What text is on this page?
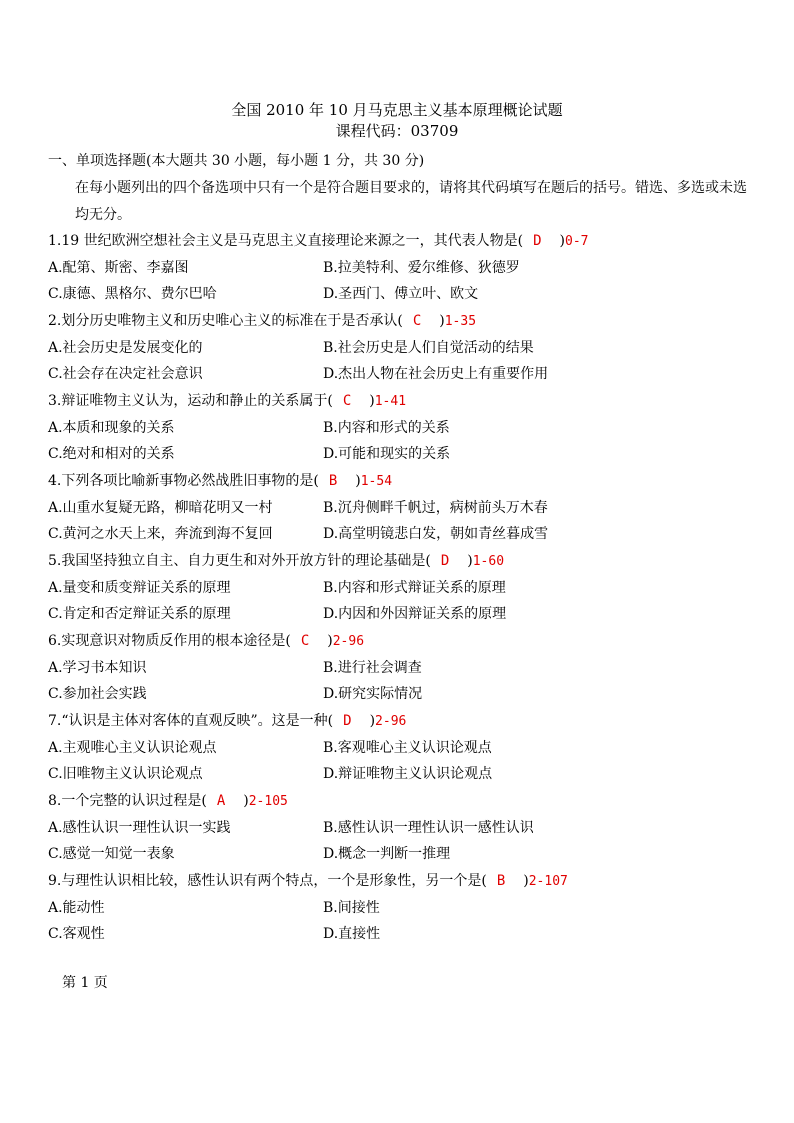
全国 2010 年 10 月马克思主义基本原理概论试题
课程代码：03709
一、单项选择题(本大题共 30 小题，每小题 1 分，共 30 分)
在每小题列出的四个备选项中只有一个是符合题目要求的，请将其代码填写在题后的括号。错选、多选或未选均无分。
1.19 世纪欧洲空想社会主义是马克思主义直接理论来源之一，其代表人物是( D )0-7
A.配第、斯密、李嘉图	B.拉美特利、爱尔维修、狄德罗
C.康德、黑格尔、费尔巴哈	D.圣西门、傅立叶、欧文
2.划分历史唯物主义和历史唯心主义的标准在于是否承认( C )1-35
A.社会历史是发展变化的	B.社会历史是人们自觉活动的结果
C.社会存在决定社会意识	D.杰出人物在社会历史上有重要作用
3.辩证唯物主义认为，运动和静止的关系属于( C )1-41
A.本质和现象的关系	B.内容和形式的关系
C.绝对和相对的关系	D.可能和现实的关系
4.下列各项比喻新事物必然战胜旧事物的是( B )1-54
A.山重水复疑无路，柳暗花明又一村	B.沉舟侧畔千帆过，病树前头万木春
C.黄河之水天上来，奔流到海不复回	D.高堂明镜悲白发，朝如青丝暮成雪
5.我国坚持独立自主、自力更生和对外开放方针的理论基础是( D )1-60
A.量变和质变辩证关系的原理	B.内容和形式辩证关系的原理
C.肯定和否定辩证关系的原理	D.内因和外因辩证关系的原理
6.实现意识对物质反作用的根本途径是( C )2-96
A.学习书本知识	B.进行社会调查
C.参加社会实践	D.研究实际情况
7.“认识是主体对客体的直观反映”。这是一种( D )2-96
A.主观唯心主义认识论观点	B.客观唯心主义认识论观点
C.旧唯物主义认识论观点	D.辩证唯物主义认识论观点
8.一个完整的认识过程是( A )2-105
A.感性认识一理性认识一实践	B.感性认识一理性认识一感性认识
C.感觉一知觉一表象	D.概念一判断一推理
9.与理性认识相比较，感性认识有两个特点，一个是形象性，另一个是( B )2-107
A.能动性	B.间接性
C.客观性	D.直接性
第 1 页
